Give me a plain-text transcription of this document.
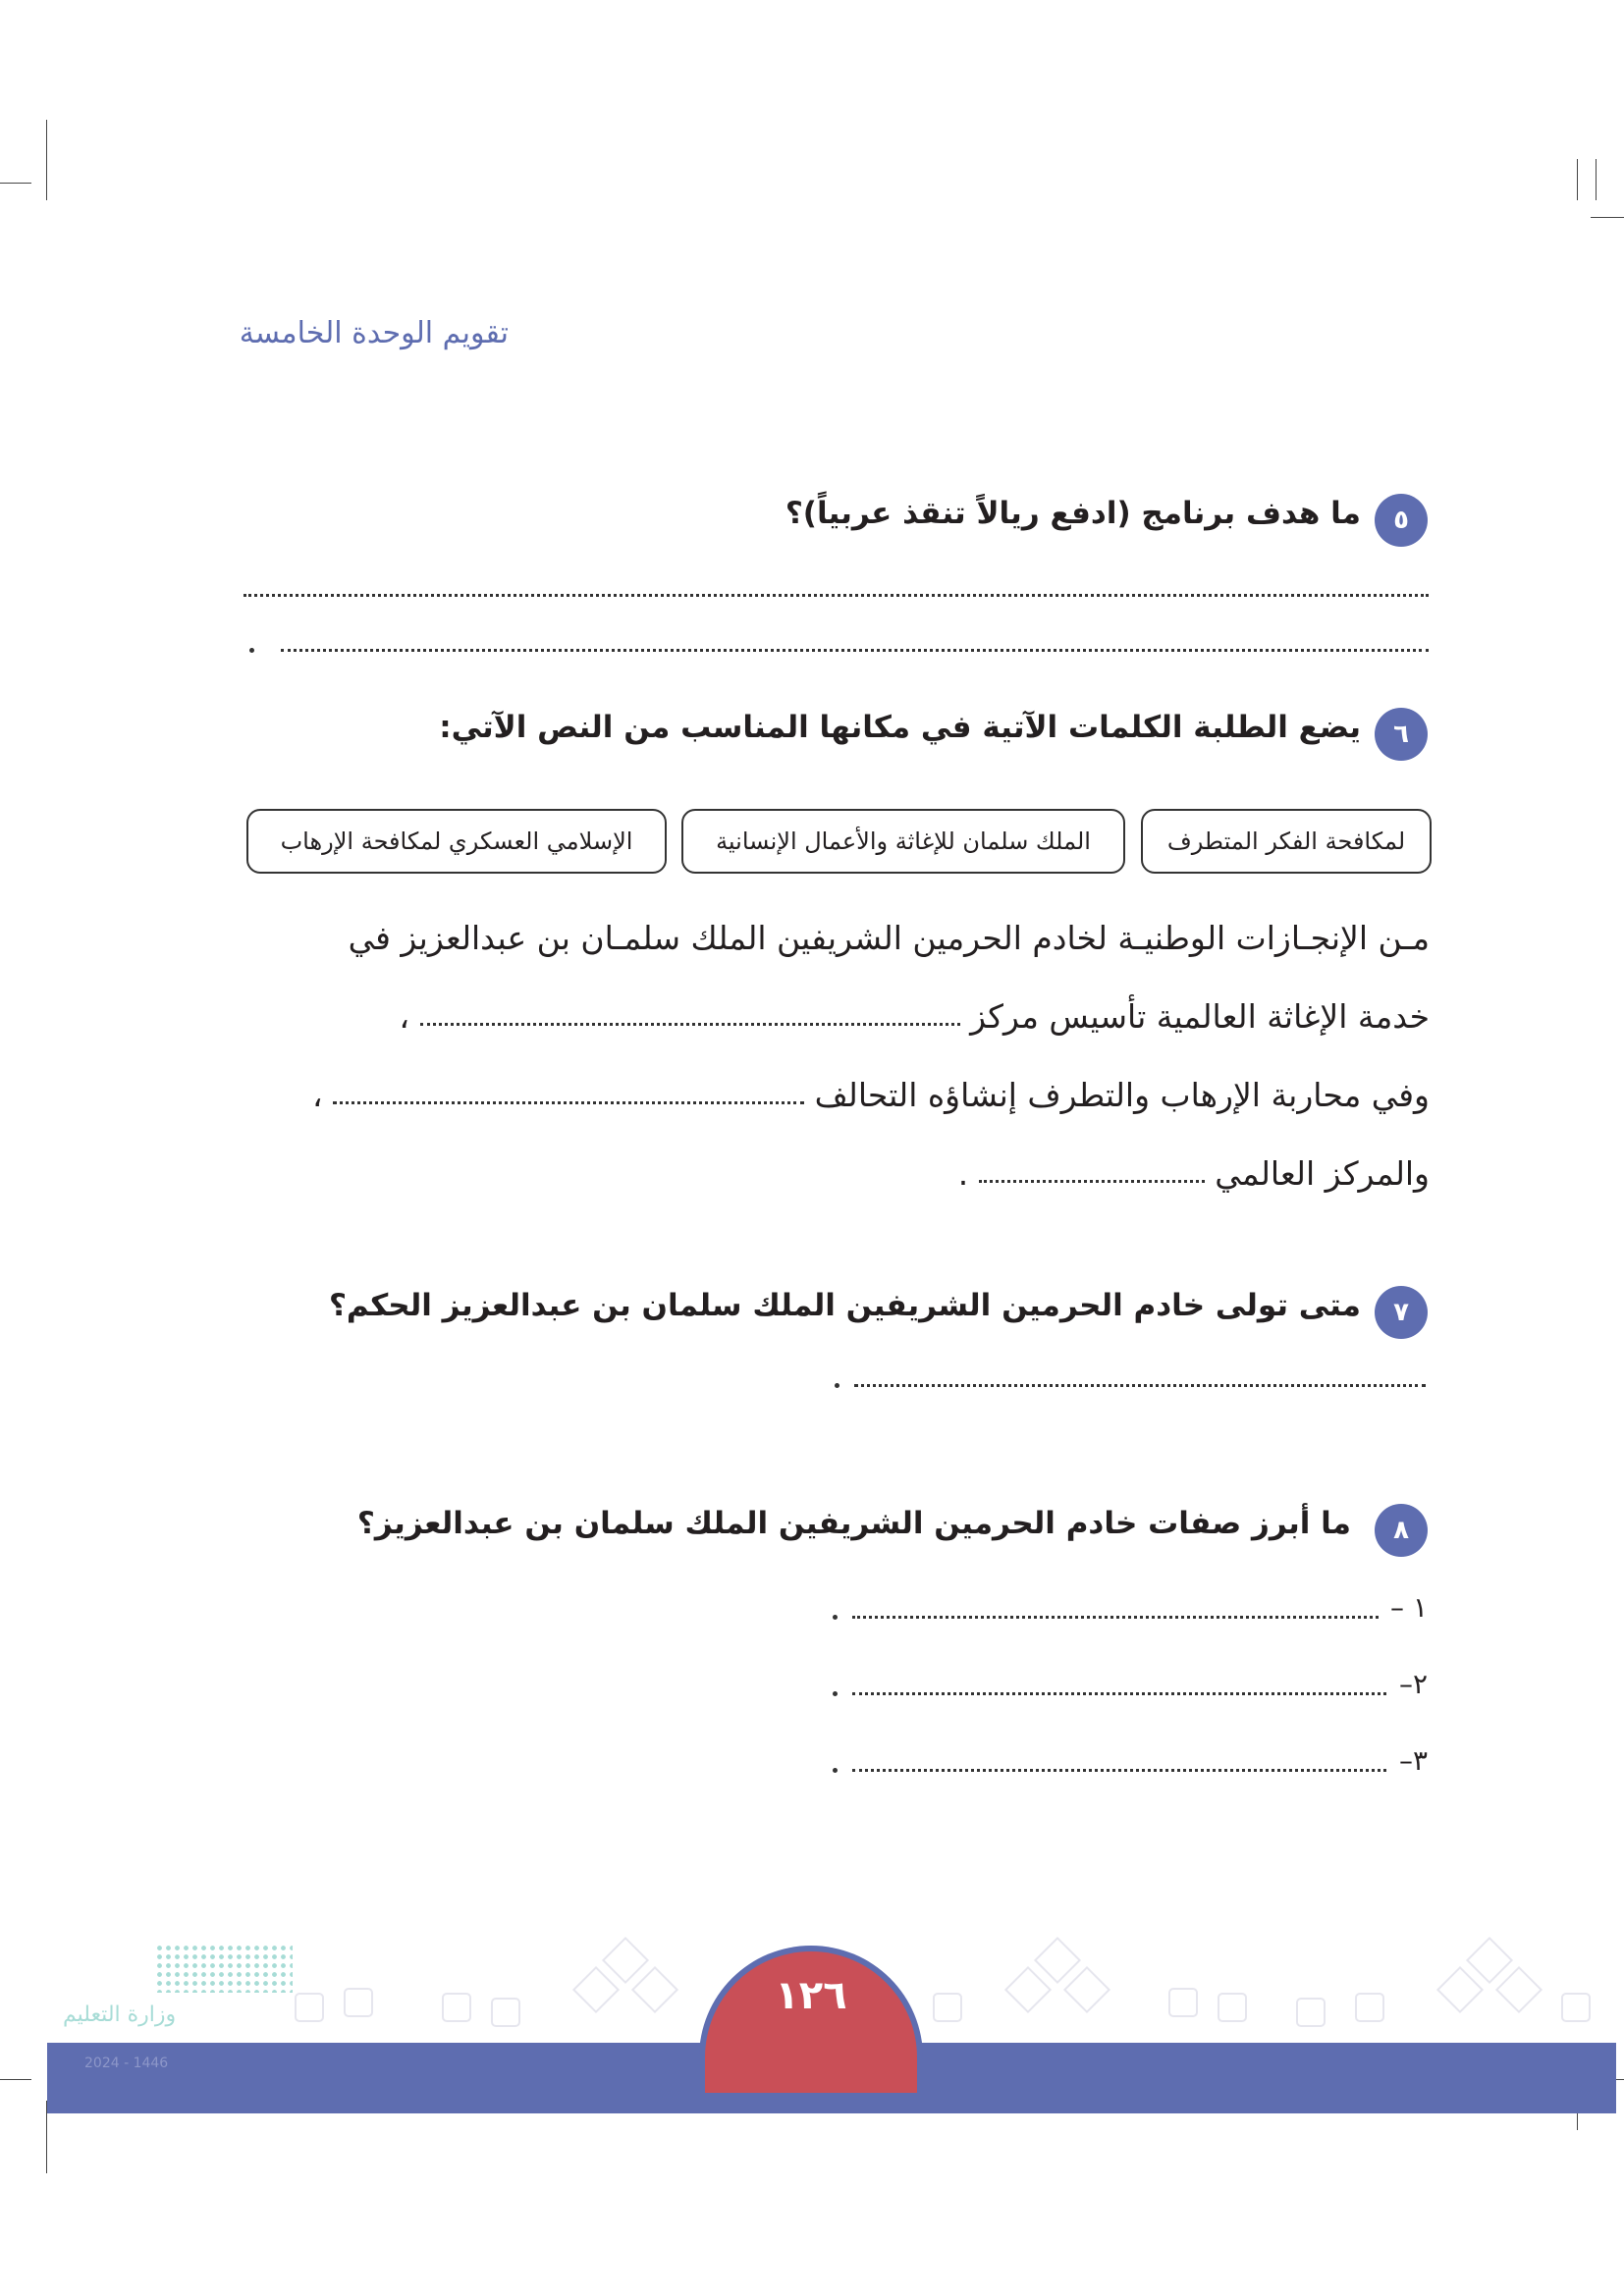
تقويم الوحدة الخامسة
٥
ما هدف برنامج (ادفع ريالاً تنقذ عربياً)؟
٦
يضع الطلبة الكلمات الآتية في مكانها المناسب من النص الآتي:
لمكافحة الفكر المتطرف
الملك سلمان للإغاثة والأعمال الإنسانية
الإسلامي العسكري لمكافحة الإرهاب
مـن الإنجـازات الوطنيـة لخادم الحرمين الشريفين الملك سلمـان بن عبدالعزيز في
خدمة الإغاثة العالمية تأسيس مركز  ،
وفي محاربة الإرهاب والتطرف إنشاؤه التحالف  ،
والمركز العالمي  .
٧
متى تولى خادم الحرمين الشريفين الملك سلمان بن عبدالعزيز الحكم؟
٨
ما أبرز صفات خادم الحرمين الشريفين الملك سلمان بن عبدالعزيز؟
١ –
٢–
٣–
١٢٦
وزارة التعليم
2024 - 1446
